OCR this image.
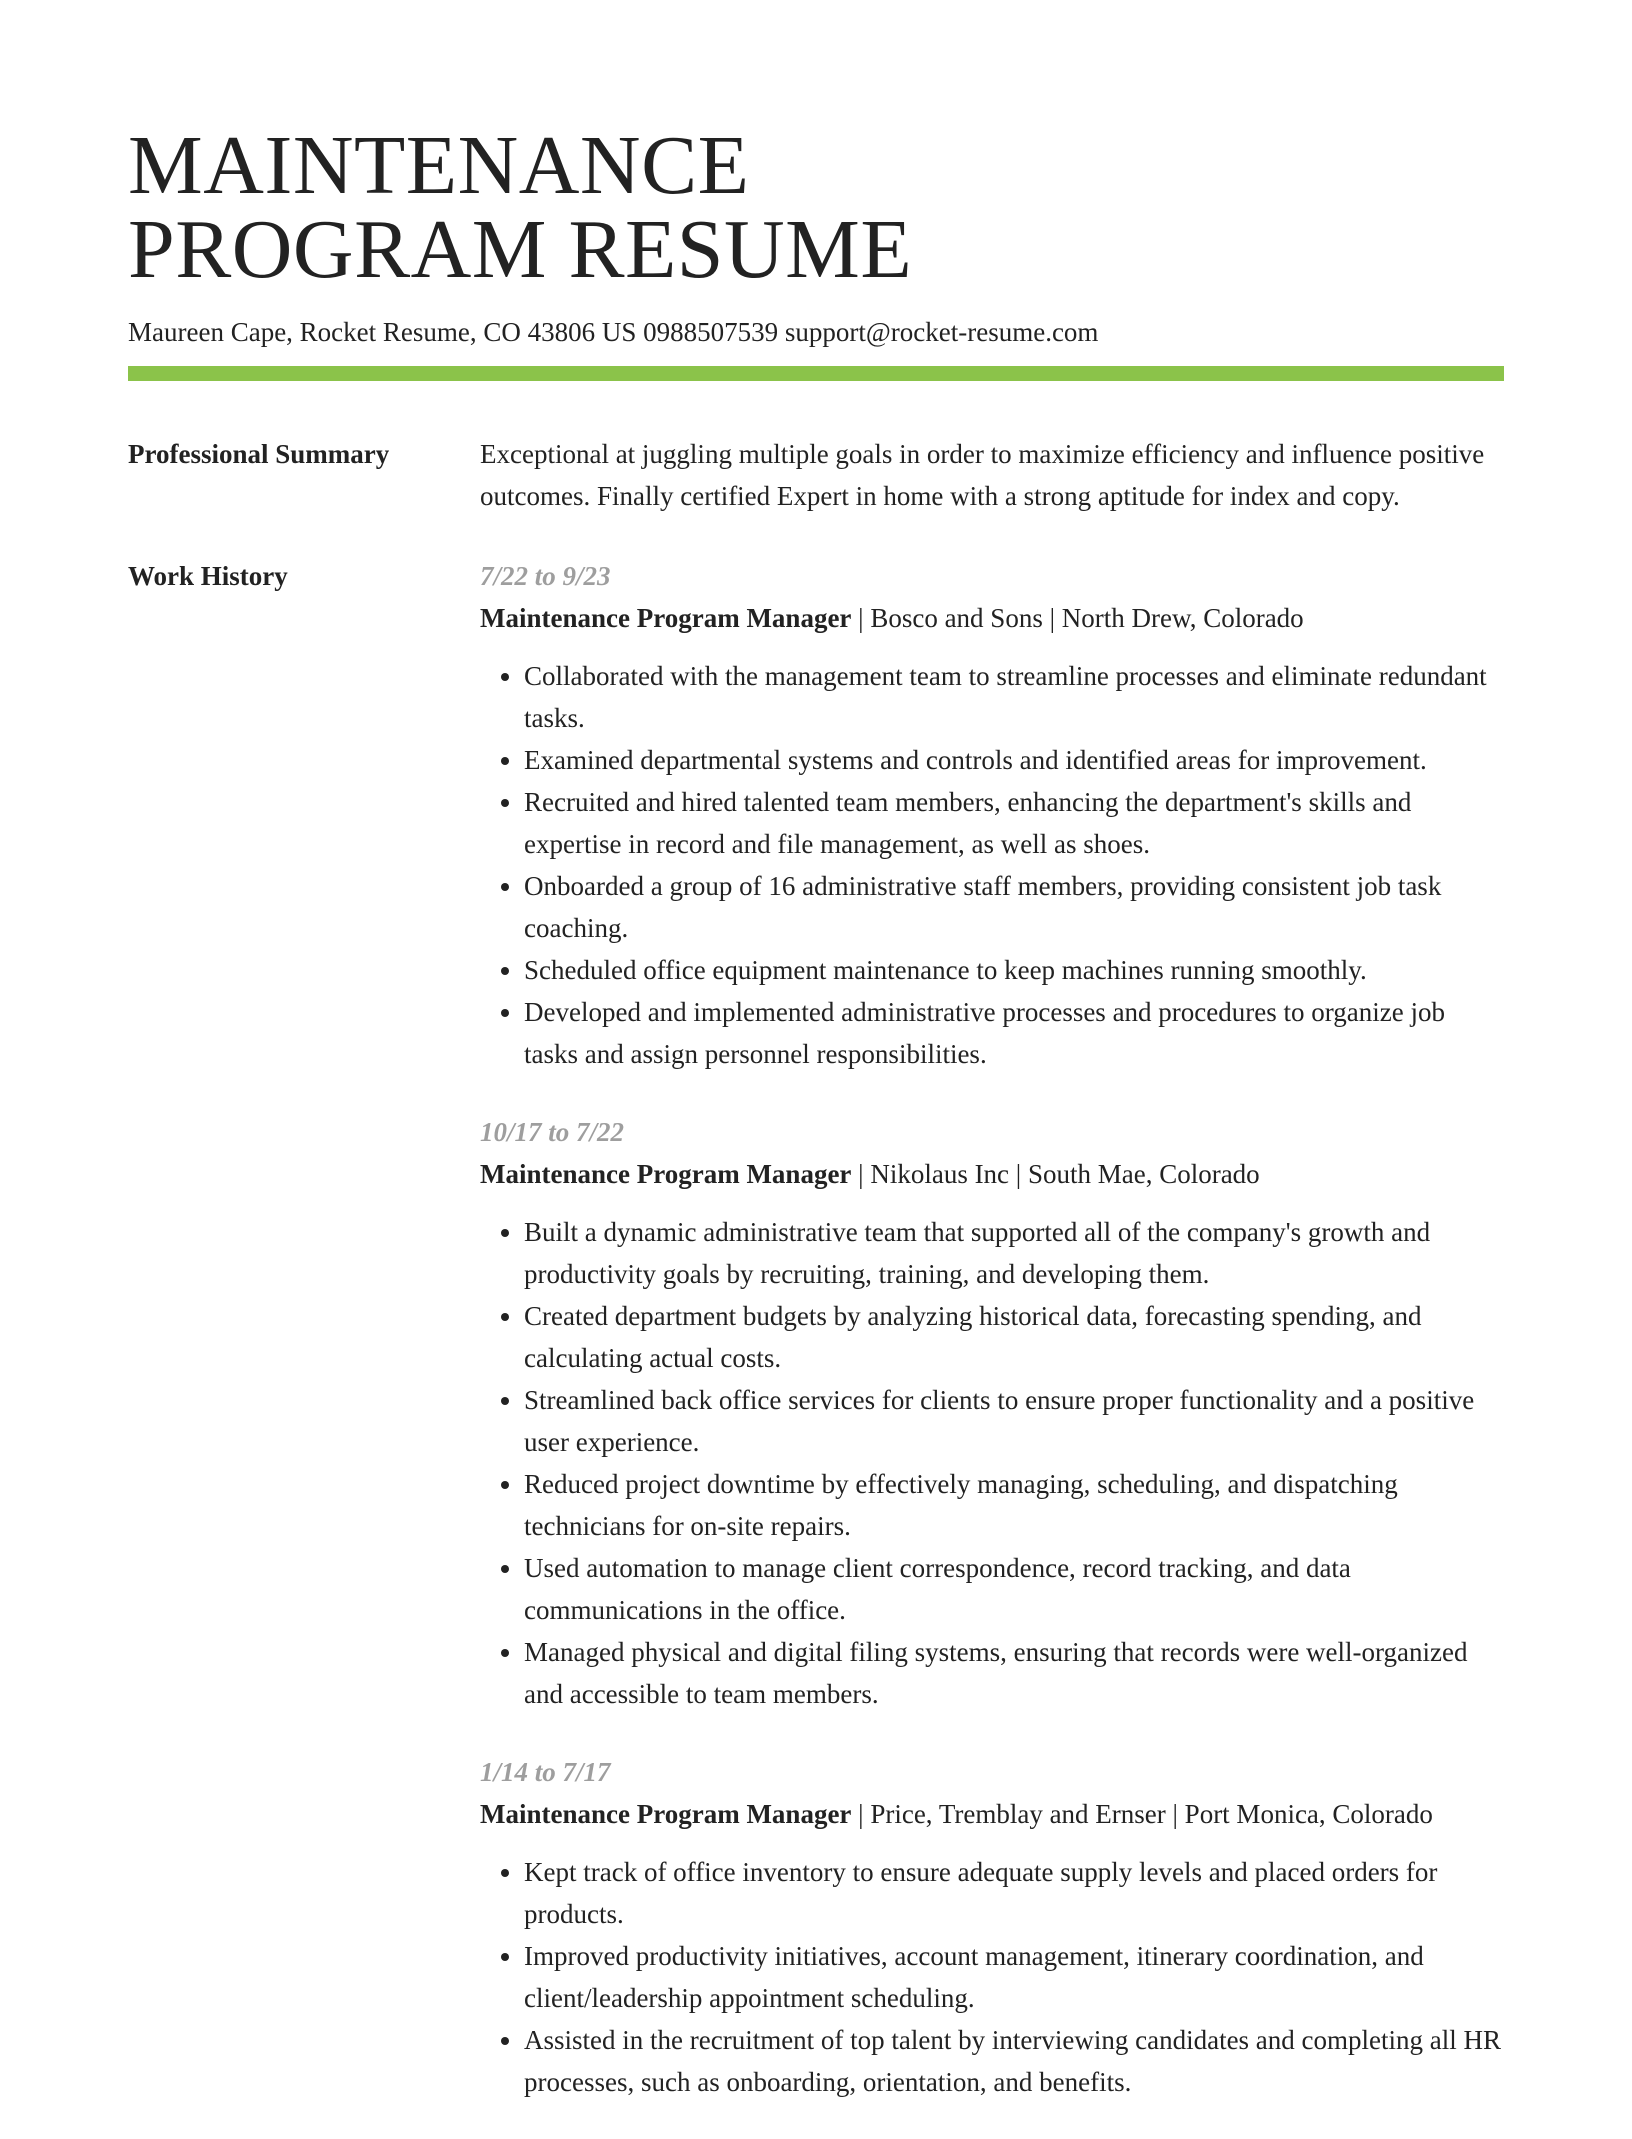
MAINTENANCE
PROGRAM RESUME
Maureen Cape, Rocket Resume, CO 43806 US 0988507539 support@rocket-resume.com
Professional Summary	Exceptional at juggling multiple goals in order to maximize efficiency and influence positive outcomes. Finally certified Expert in home with a strong aptitude for index and copy.

Work History	7/22 to 9/23
Maintenance Program Manager | Bosco and Sons | North Drew, Colorado
• Collaborated with the management team to streamline processes and eliminate redundant tasks.
• Examined departmental systems and controls and identified areas for improvement.
• Recruited and hired talented team members, enhancing the department's skills and expertise in record and file management, as well as shoes.
• Onboarded a group of 16 administrative staff members, providing consistent job task coaching.
• Scheduled office equipment maintenance to keep machines running smoothly.
• Developed and implemented administrative processes and procedures to organize job tasks and assign personnel responsibilities.
10/17 to 7/22
Maintenance Program Manager | Nikolaus Inc | South Mae, Colorado
• Built a dynamic administrative team that supported all of the company's growth and productivity goals by recruiting, training, and developing them.
• Created department budgets by analyzing historical data, forecasting spending, and calculating actual costs.
• Streamlined back office services for clients to ensure proper functionality and a positive user experience.
• Reduced project downtime by effectively managing, scheduling, and dispatching technicians for on-site repairs.
• Used automation to manage client correspondence, record tracking, and data communications in the office.
• Managed physical and digital filing systems, ensuring that records were well-organized and accessible to team members.
1/14 to 7/17
Maintenance Program Manager | Price, Tremblay and Ernser | Port Monica, Colorado
• Kept track of office inventory to ensure adequate supply levels and placed orders for products.
• Improved productivity initiatives, account management, itinerary coordination, and client/leadership appointment scheduling.
• Assisted in the recruitment of top talent by interviewing candidates and completing all HR processes, such as onboarding, orientation, and benefits.
